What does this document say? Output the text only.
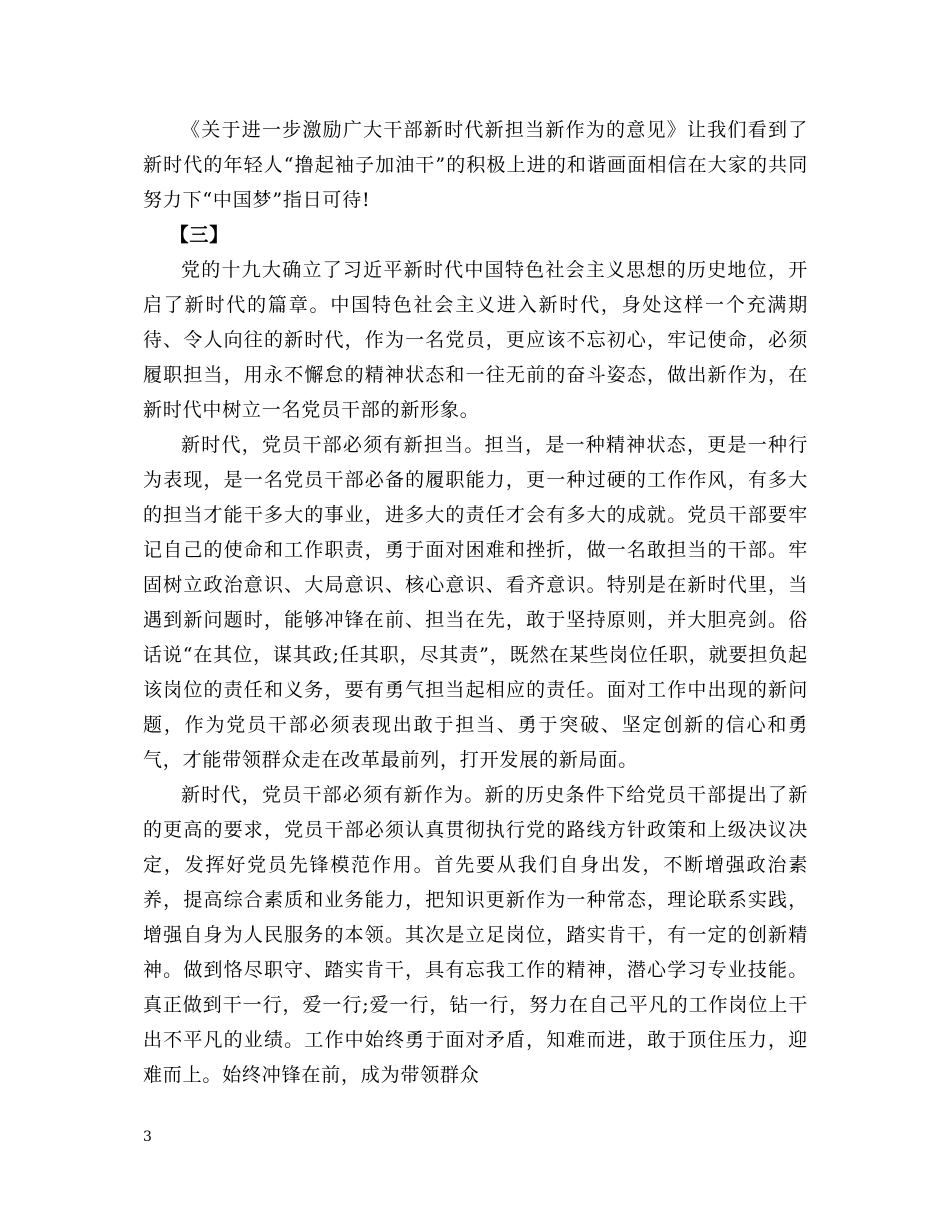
《关于进一步激励广大干部新时代新担当新作为的意见》让我们看到了新时代的年轻人“撸起袖子加油干”的积极上进的和谐画面相信在大家的共同努力下“中国梦”指日可待!

【三】

党的十九大确立了习近平新时代中国特色社会主义思想的历史地位，开启了新时代的篇章。中国特色社会主义进入新时代，身处这样一个充满期待、令人向往的新时代，作为一名党员，更应该不忘初心，牢记使命，必须履职担当，用永不懈怠的精神状态和一往无前的奋斗姿态，做出新作为，在新时代中树立一名党员干部的新形象。

新时代，党员干部必须有新担当。担当，是一种精神状态，更是一种行为表现，是一名党员干部必备的履职能力，更一种过硬的工作作风，有多大的担当才能干多大的事业，进多大的责任才会有多大的成就。党员干部要牢记自己的使命和工作职责，勇于面对困难和挫折，做一名敢担当的干部。牢固树立政治意识、大局意识、核心意识、看齐意识。特别是在新时代里，当遇到新问题时，能够冲锋在前、担当在先，敢于坚持原则，并大胆亮剑。俗话说“在其位，谋其政;任其职，尽其责”，既然在某些岗位任职，就要担负起该岗位的责任和义务，要有勇气担当起相应的责任。面对工作中出现的新问题，作为党员干部必须表现出敢于担当、勇于突破、坚定创新的信心和勇气，才能带领群众走在改革最前列，打开发展的新局面。

新时代，党员干部必须有新作为。新的历史条件下给党员干部提出了新的更高的要求，党员干部必须认真贯彻执行党的路线方针政策和上级决议决定，发挥好党员先锋模范作用。首先要从我们自身出发，不断增强政治素养，提高综合素质和业务能力，把知识更新作为一种常态，理论联系实践，增强自身为人民服务的本领。其次是立足岗位，踏实肯干，有一定的创新精神。做到恪尽职守、踏实肯干，具有忘我工作的精神，潜心学习专业技能。真正做到干一行，爱一行;爱一行，钻一行，努力在自己平凡的工作岗位上干出不平凡的业绩。工作中始终勇于面对矛盾，知难而进，敢于顶住压力，迎难而上。始终冲锋在前，成为带领群众

3
